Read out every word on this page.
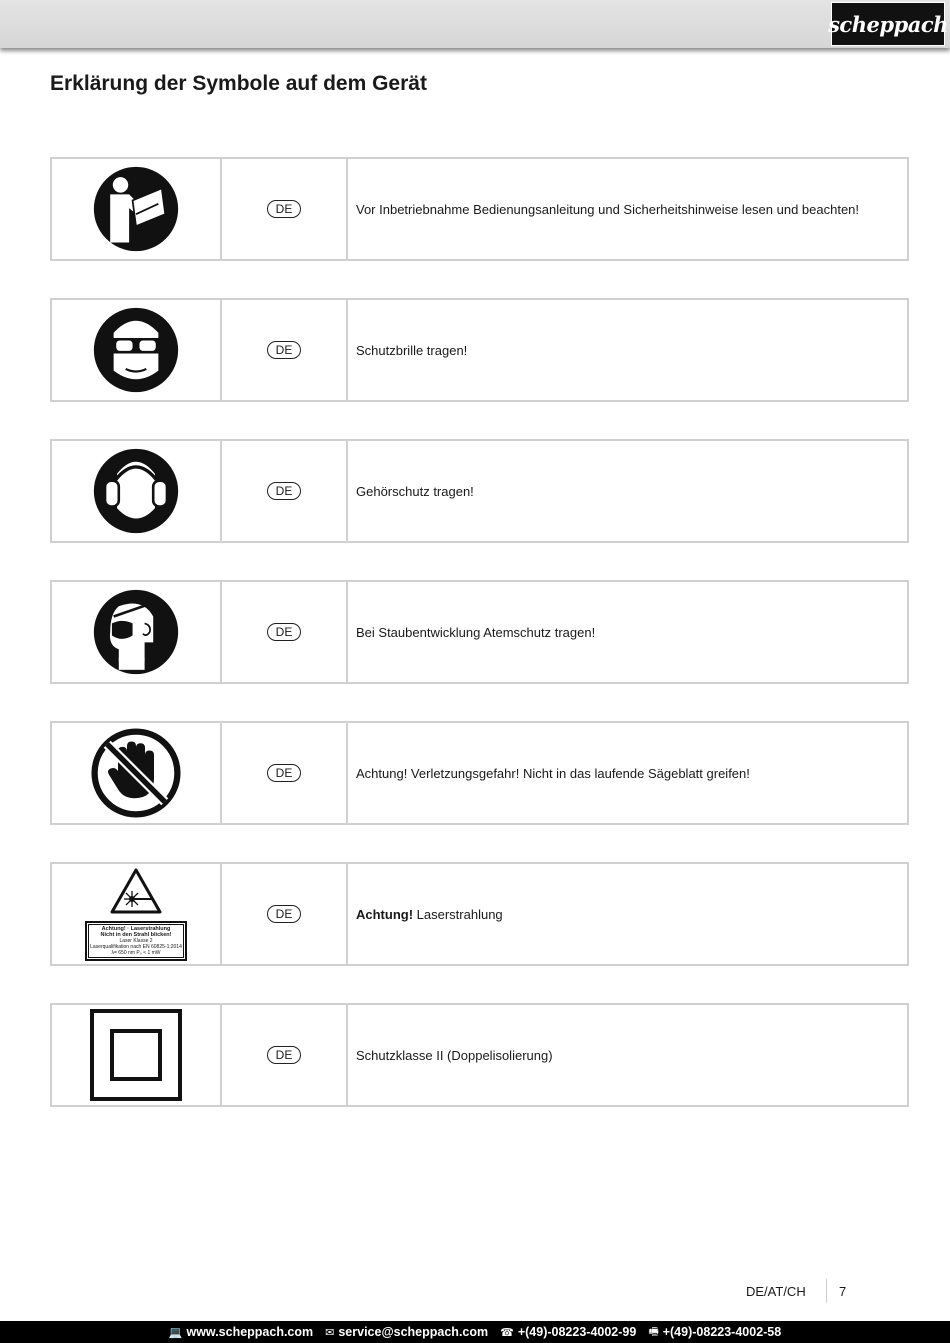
scheppach
Erklärung der Symbole auf dem Gerät
DE	Vor Inbetriebnahme Bedienungsanleitung und Sicherheitshinweise lesen und beachten!
DE	Schutzbrille tragen!
DE	Gehörschutz tragen!
DE	Bei Staubentwicklung Atemschutz tragen!
DE	Achtung! Verletzungsgefahr! Nicht in das laufende Sägeblatt greifen!
Achtung! · Laserstrahlung
Nicht in den Strahl blicken!
Laser Klasse 2
Laserqualifikation nach EN 60825-1:2014
λ= 650 nm P₀ < 1 mW
DE	Achtung! Laserstrahlung
DE	Schutzklasse II (Doppelisolierung)
DE/AT/CH	7
💻 www.scheppach.com ✉ service@scheppach.com ☎ +(49)-08223-4002-99 🖷 +(49)-08223-4002-58
